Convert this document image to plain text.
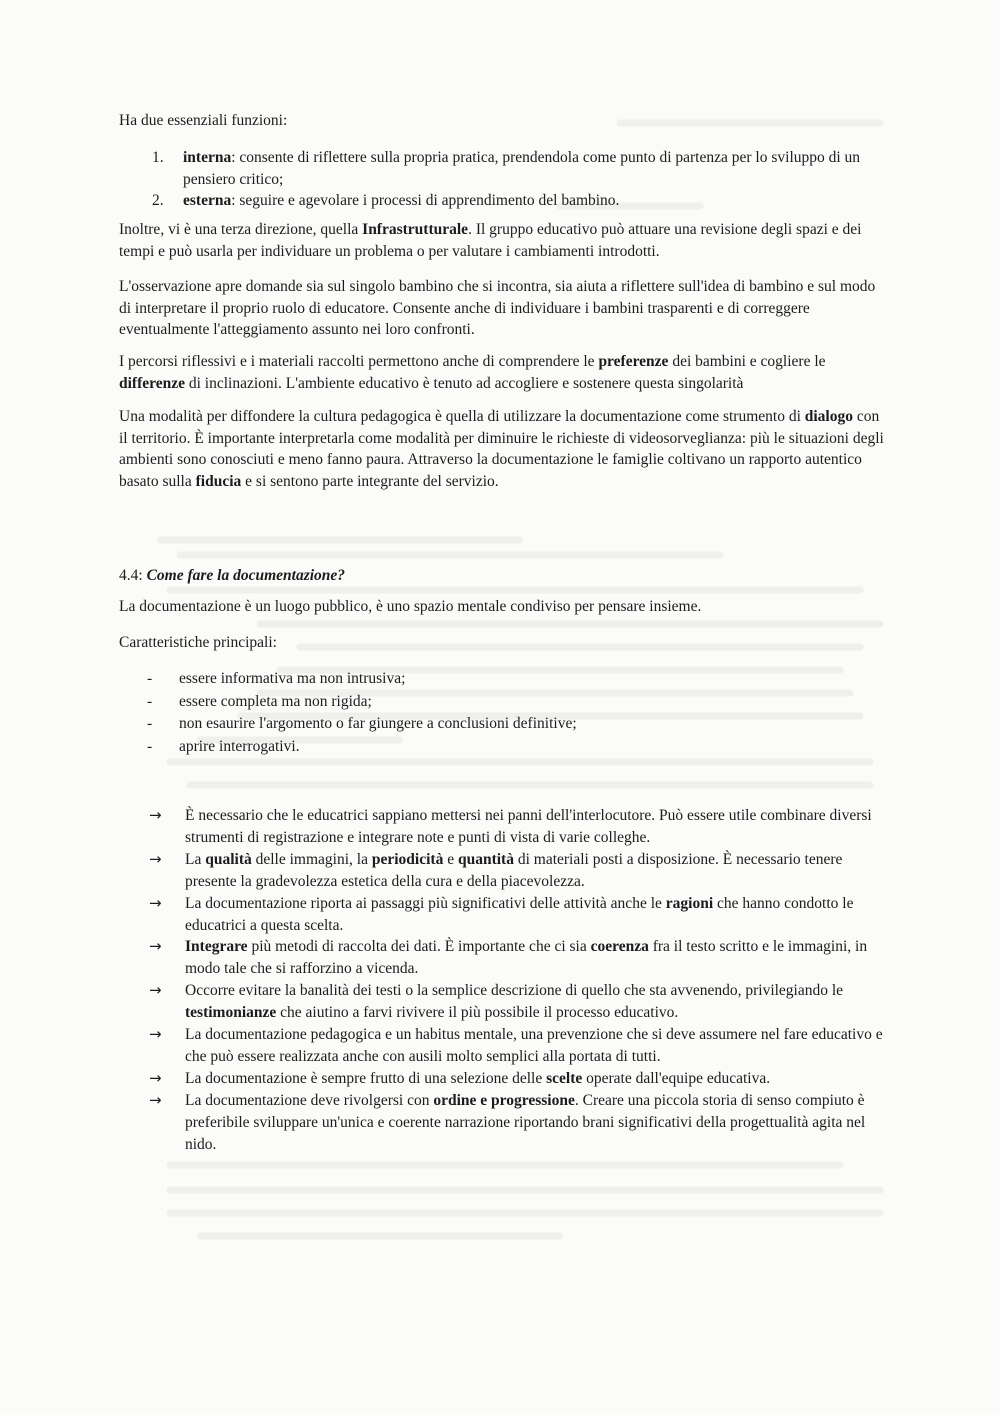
Ha due essenziali funzioni:
1. interna: consente di riflettere sulla propria pratica, prendendola come punto di partenza per lo sviluppo di un pensiero critico;
2. esterna: seguire e agevolare i processi di apprendimento del bambino.
Inoltre, vi è una terza direzione, quella Infrastrutturale. Il gruppo educativo può attuare una revisione degli spazi e dei tempi e può usarla per individuare un problema o per valutare i cambiamenti introdotti.
L'osservazione apre domande sia sul singolo bambino che si incontra, sia aiuta a riflettere sull'idea di bambino e sul modo di interpretare il proprio ruolo di educatore. Consente anche di individuare i bambini trasparenti e di correggere eventualmente l'atteggiamento assunto nei loro confronti.
I percorsi riflessivi e i materiali raccolti permettono anche di comprendere le preferenze dei bambini e cogliere le differenze di inclinazioni. L'ambiente educativo è tenuto ad accogliere e sostenere questa singolarità
Una modalità per diffondere la cultura pedagogica è quella di utilizzare la documentazione come strumento di dialogo con il territorio. È importante interpretarla come modalità per diminuire le richieste di videosorveglianza: più le situazioni degli ambienti sono conosciuti e meno fanno paura. Attraverso la documentazione le famiglie coltivano un rapporto autentico basato sulla fiducia e si sentono parte integrante del servizio.
4.4: Come fare la documentazione?
La documentazione è un luogo pubblico, è uno spazio mentale condiviso per pensare insieme.
Caratteristiche principali:
- essere informativa ma non intrusiva;
- essere completa ma non rigida;
- non esaurire l'argomento o far giungere a conclusioni definitive;
- aprire interrogativi.
→ È necessario che le educatrici sappiano mettersi nei panni dell'interlocutore. Può essere utile combinare diversi strumenti di registrazione e integrare note e punti di vista di varie colleghe.
→ La qualità delle immagini, la periodicità e quantità di materiali posti a disposizione. È necessario tenere presente la gradevolezza estetica della cura e della piacevolezza.
→ La documentazione riporta ai passaggi più significativi delle attività anche le ragioni che hanno condotto le educatrici a questa scelta.
→ Integrare più metodi di raccolta dei dati. È importante che ci sia coerenza fra il testo scritto e le immagini, in modo tale che si rafforzino a vicenda.
→ Occorre evitare la banalità dei testi o la semplice descrizione di quello che sta avvenendo, privilegiando le testimonianze che aiutino a farvi rivivere il più possibile il processo educativo.
→ La documentazione pedagogica e un habitus mentale, una prevenzione che si deve assumere nel fare educativo e che può essere realizzata anche con ausili molto semplici alla portata di tutti.
→ La documentazione è sempre frutto di una selezione delle scelte operate dall'equipe educativa.
→ La documentazione deve rivolgersi con ordine e progressione. Creare una piccola storia di senso compiuto è preferibile sviluppare un'unica e coerente narrazione riportando brani significativi della progettualità agita nel nido.
